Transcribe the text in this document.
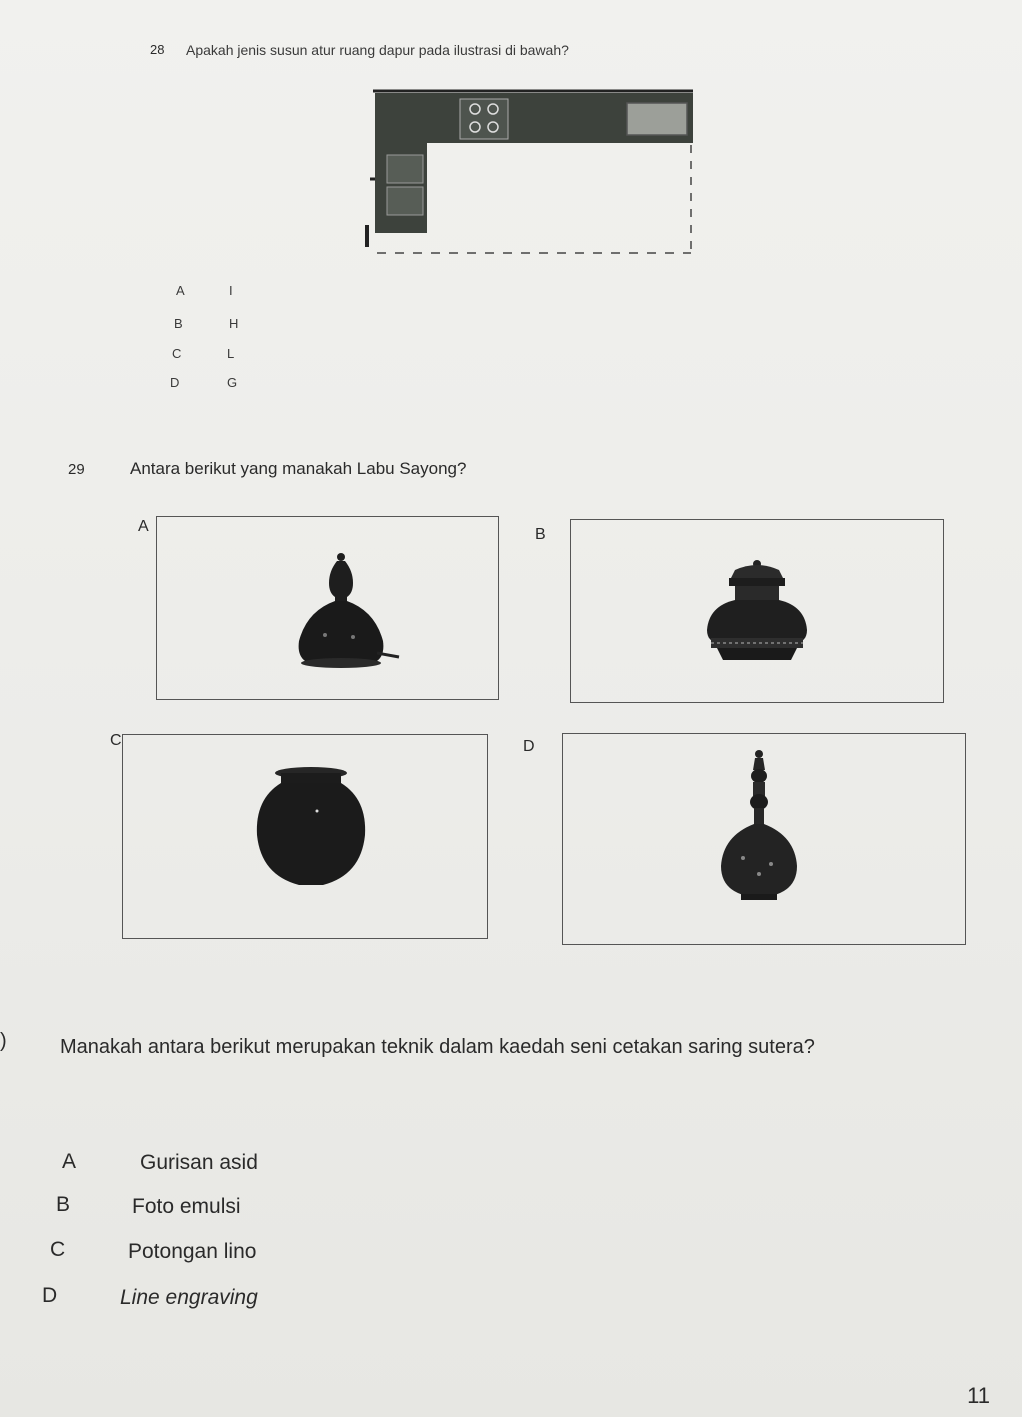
28 Apakah jenis susun atur ruang dapur pada ilustrasi di bawah?
A	I
B	H
C	L
D	G
29	Antara berikut yang manakah Labu Sayong?
A	B
C	D
)	Manakah antara berikut merupakan teknik dalam kaedah seni cetakan saring sutera?
A	Gurisan asid
B	Foto emulsi
C	Potongan lino
D	Line engraving
11
